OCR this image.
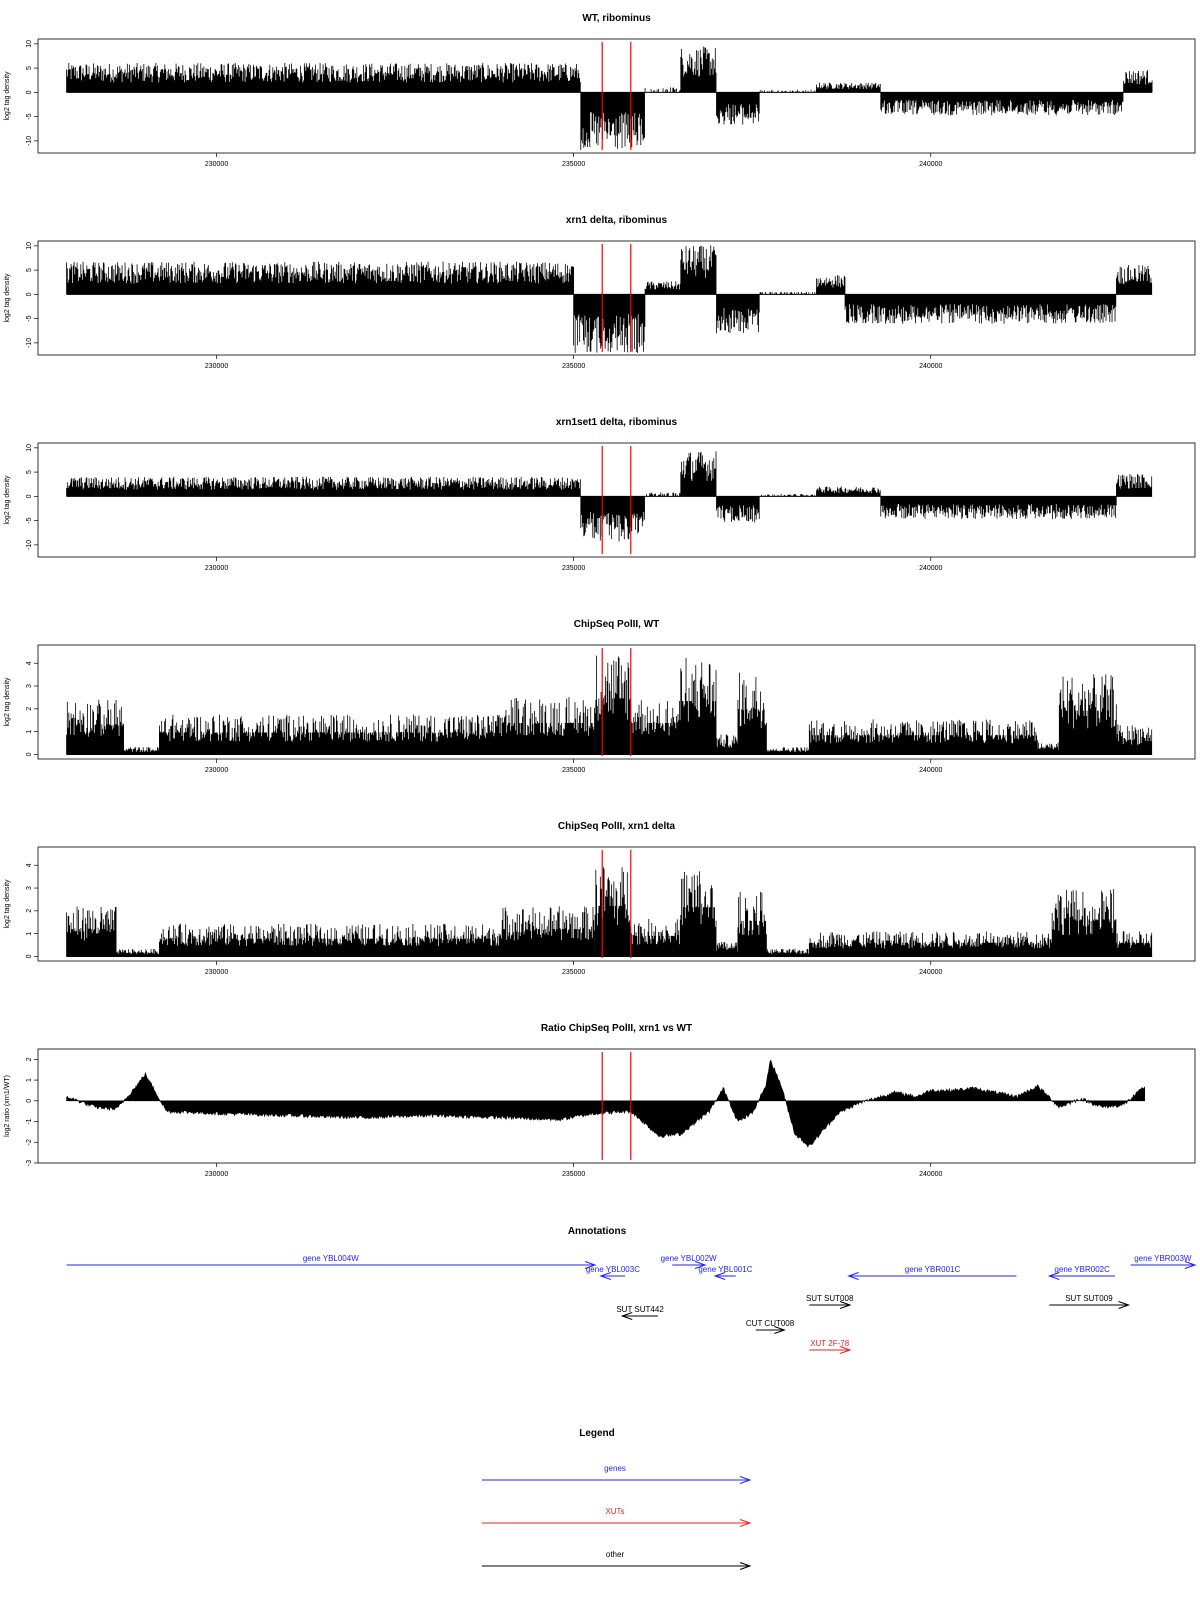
WT, ribominus
log2 tag density
-10
-5
0
5
10
230000	235000	240000
xrn1 delta, ribominus
log2 tag density
-10
-5
0
5
10
230000	235000	240000
xrn1set1 delta, ribominus
log2 tag density
-10
-5
0
5
10
230000	235000	240000
ChipSeq PolII, WT
log2 tag density
0
1
2
3
4
230000	235000	240000
ChipSeq PolII, xrn1 delta
log2 tag density
0
1
2
3
4
230000	235000	240000
Ratio ChipSeq PolII, xrn1 vs WT
log2 ratio (xrn1/WT)
-3
-2
-1
0
1
2
230000	235000	240000
Annotations
gene YBL004W
gene YBL003C
gene YBL002W
gene YBL001C	gene YBR001C	gene YBR002C
gene YBR003W
SUT SUT442
CUT CUT008
SUT SUT008	SUT SUT009
XUT 2F-78
Legend
genes
XUTs
other
